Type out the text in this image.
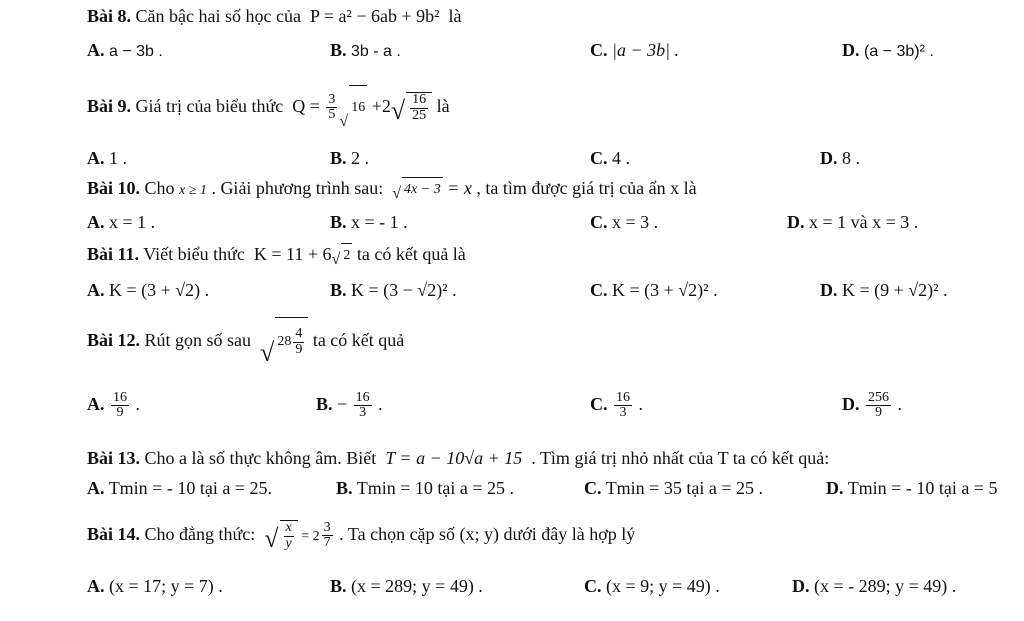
Bài 8. Căn bậc hai số học của P = a² − 6ab + 9b² là
A. a − 3b .	B. 3b - a .	C. |a − 3b| .	D. (a − 3b)² .
Bài 9. Giá trị của biểu thức $Q = \frac{3}{5}$ √
16 +2 √ $\frac{16}{25}$ là
A. 1 .	B. 2 .	C. 4 .	D. 8 .
Bài 10. Cho x ≥ 1 . Giải phương trình sau: √ 4x − 3 = x , ta tìm được giá trị của ẩn x là
A. x = 1 .	B. x = - 1 .	C. x = 3 .	D. x = 1 và x = 3 .
Bài 11. Viết biểu thức K = 11 + 6 √ 2 ta có kết quả là
A. K = (3 + √2) .	B. K = (3 − √2)² .	C. K = (3 + √2)² .	D. K = (9 + √2)² .
Bài 12. Rút gọn số sau √ $28 \frac{4}{9}$ ta có kết quả
A. $\frac{16}{9}$ .	B. − $\frac{16}{3}$ .	C. $\frac{16}{3}$ .	D. $\frac{256}{9}$ .
Bài 13. Cho a là số thực không âm. Biết T = a − 10√a + 15 . Tìm giá trị nhỏ nhất của T ta có kết quả:
A. Tmin = - 10 tại a = 25.	B. Tmin = 10 tại a = 25 .	C. Tmin = 35 tại a = 25 .	D. Tmin = - 10 tại a = 5
Bài 14. Cho đẳng thức: √ $\frac{x}{y} = 2 \frac{3}{7}$ . Ta chọn cặp số (x; y) dưới đây là hợp lý
A. (x = 17; y = 7) .	B. (x = 289; y = 49) .	C. (x = 9; y = 49) .	D. (x = - 289; y = 49) .
